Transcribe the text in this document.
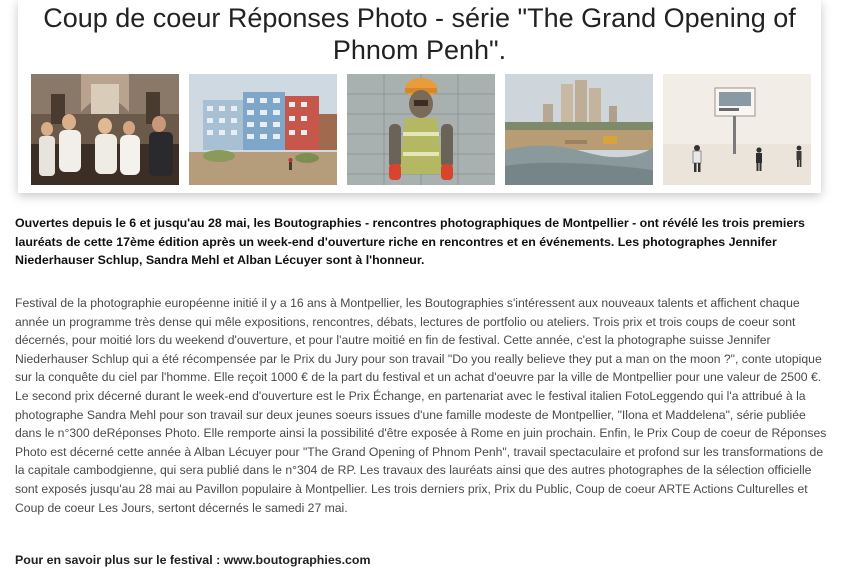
Coup de coeur Réponses Photo - série "The Grand Opening of Phnom Penh".

Ouvertes depuis le 6 et jusqu'au 28 mai, les Boutographies - rencontres photographiques de Montpellier - ont révélé les trois premiers lauréats de cette 17ème édition après un week-end d'ouverture riche en rencontres et en événements. Les photographes Jennifer Niederhauser Schlup, Sandra Mehl et Alban Lécuyer sont à l'honneur.

Festival de la photographie européenne initié il y a 16 ans à Montpellier, les Boutographies s'intéressent aux nouveaux talents et affichent chaque année un programme très dense qui mêle expositions, rencontres, débats, lectures de portfolio ou ateliers. Trois prix et trois coups de coeur sont décernés, pour moitié lors du weekend d'ouverture, et pour l'autre moitié en fin de festival. Cette année, c'est la photographe suisse Jennifer Niederhauser Schlup qui a été récompensée par le Prix du Jury pour son travail "Do you really believe they put a man on the moon ?", conte utopique sur la conquête du ciel par l'homme. Elle reçoit 1000 € de la part du festival et un achat d'oeuvre par la ville de Montpellier pour une valeur de 2500 €. Le second prix décerné durant le week-end d'ouverture est le Prix Échange, en partenariat avec le festival italien FotoLeggendo qui l'a attribué à la photographe Sandra Mehl pour son travail sur deux jeunes soeurs issues d'une famille modeste de Montpellier, "Ilona et Maddelena", série publiée dans le n°300 deRéponses Photo. Elle remporte ainsi la possibilité d'être exposée à Rome en juin prochain. Enfin, le Prix Coup de coeur de Réponses Photo est décerné cette année à Alban Lécuyer pour "The Grand Opening of Phnom Penh", travail spectaculaire et profond sur les transformations de la capitale cambodgienne, qui sera publié dans le n°304 de RP. Les travaux des lauréats ainsi que des autres photographes de la sélection officielle sont exposés jusqu'au 28 mai au Pavillon populaire à Montpellier. Les trois derniers prix, Prix du Public, Coup de coeur ARTE Actions Culturelles et Coup de coeur Les Jours, sertont décernés le samedi 27 mai.

Pour en savoir plus sur le festival : www.boutographies.com
